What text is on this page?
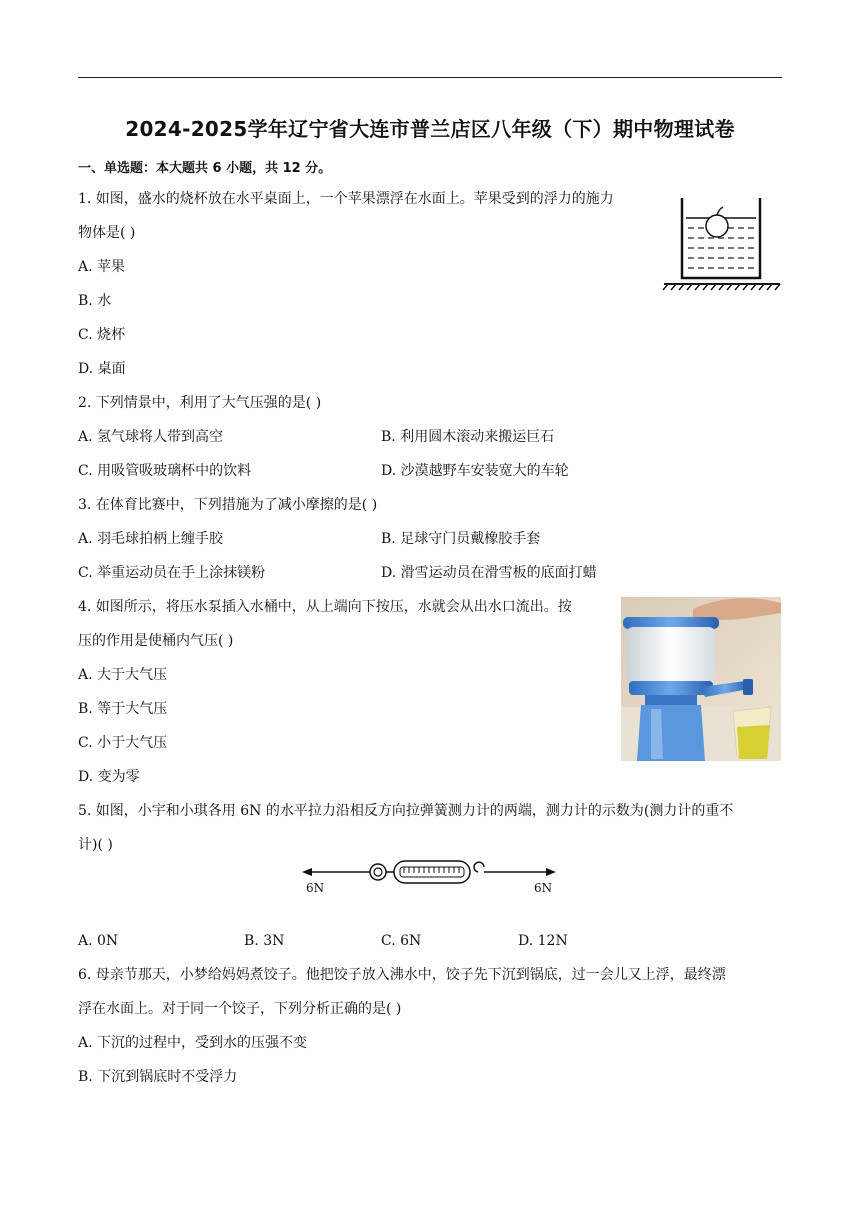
2024-2025学年辽宁省大连市普兰店区八年级（下）期中物理试卷
一、单选题：本大题共 6 小题，共 12 分。
1. 如图，盛水的烧杯放在水平桌面上，一个苹果漂浮在水面上。苹果受到的浮力的施力
物体是( )
A. 苹果
B. 水
C. 烧杯
D. 桌面
2. 下列情景中，利用了大气压强的是( )
A. 氢气球将人带到高空	B. 利用圆木滚动来搬运巨石
C. 用吸管吸玻璃杯中的饮料	D. 沙漠越野车安装宽大的车轮
3. 在体育比赛中，下列措施为了减小摩擦的是( )
A. 羽毛球拍柄上缠手胶	B. 足球守门员戴橡胶手套
C. 举重运动员在手上涂抹镁粉	D. 滑雪运动员在滑雪板的底面打蜡
4. 如图所示，将压水泵插入水桶中，从上端向下按压，水就会从出水口流出。按
压的作用是使桶内气压( )
A. 大于大气压
B. 等于大气压
C. 小于大气压
D. 变为零
5. 如图，小宇和小琪各用 6N 的水平拉力沿相反方向拉弹簧测力计的两端，测力计的示数为(测力计的重不
计)( )
6N	6N
A. 0N	B. 3N	C. 6N	D. 12N
6. 母亲节那天，小梦给妈妈煮饺子。他把饺子放入沸水中，饺子先下沉到锅底，过一会儿又上浮，最终漂
浮在水面上。对于同一个饺子，下列分析正确的是( )
A. 下沉的过程中，受到水的压强不变
B. 下沉到锅底时不受浮力
